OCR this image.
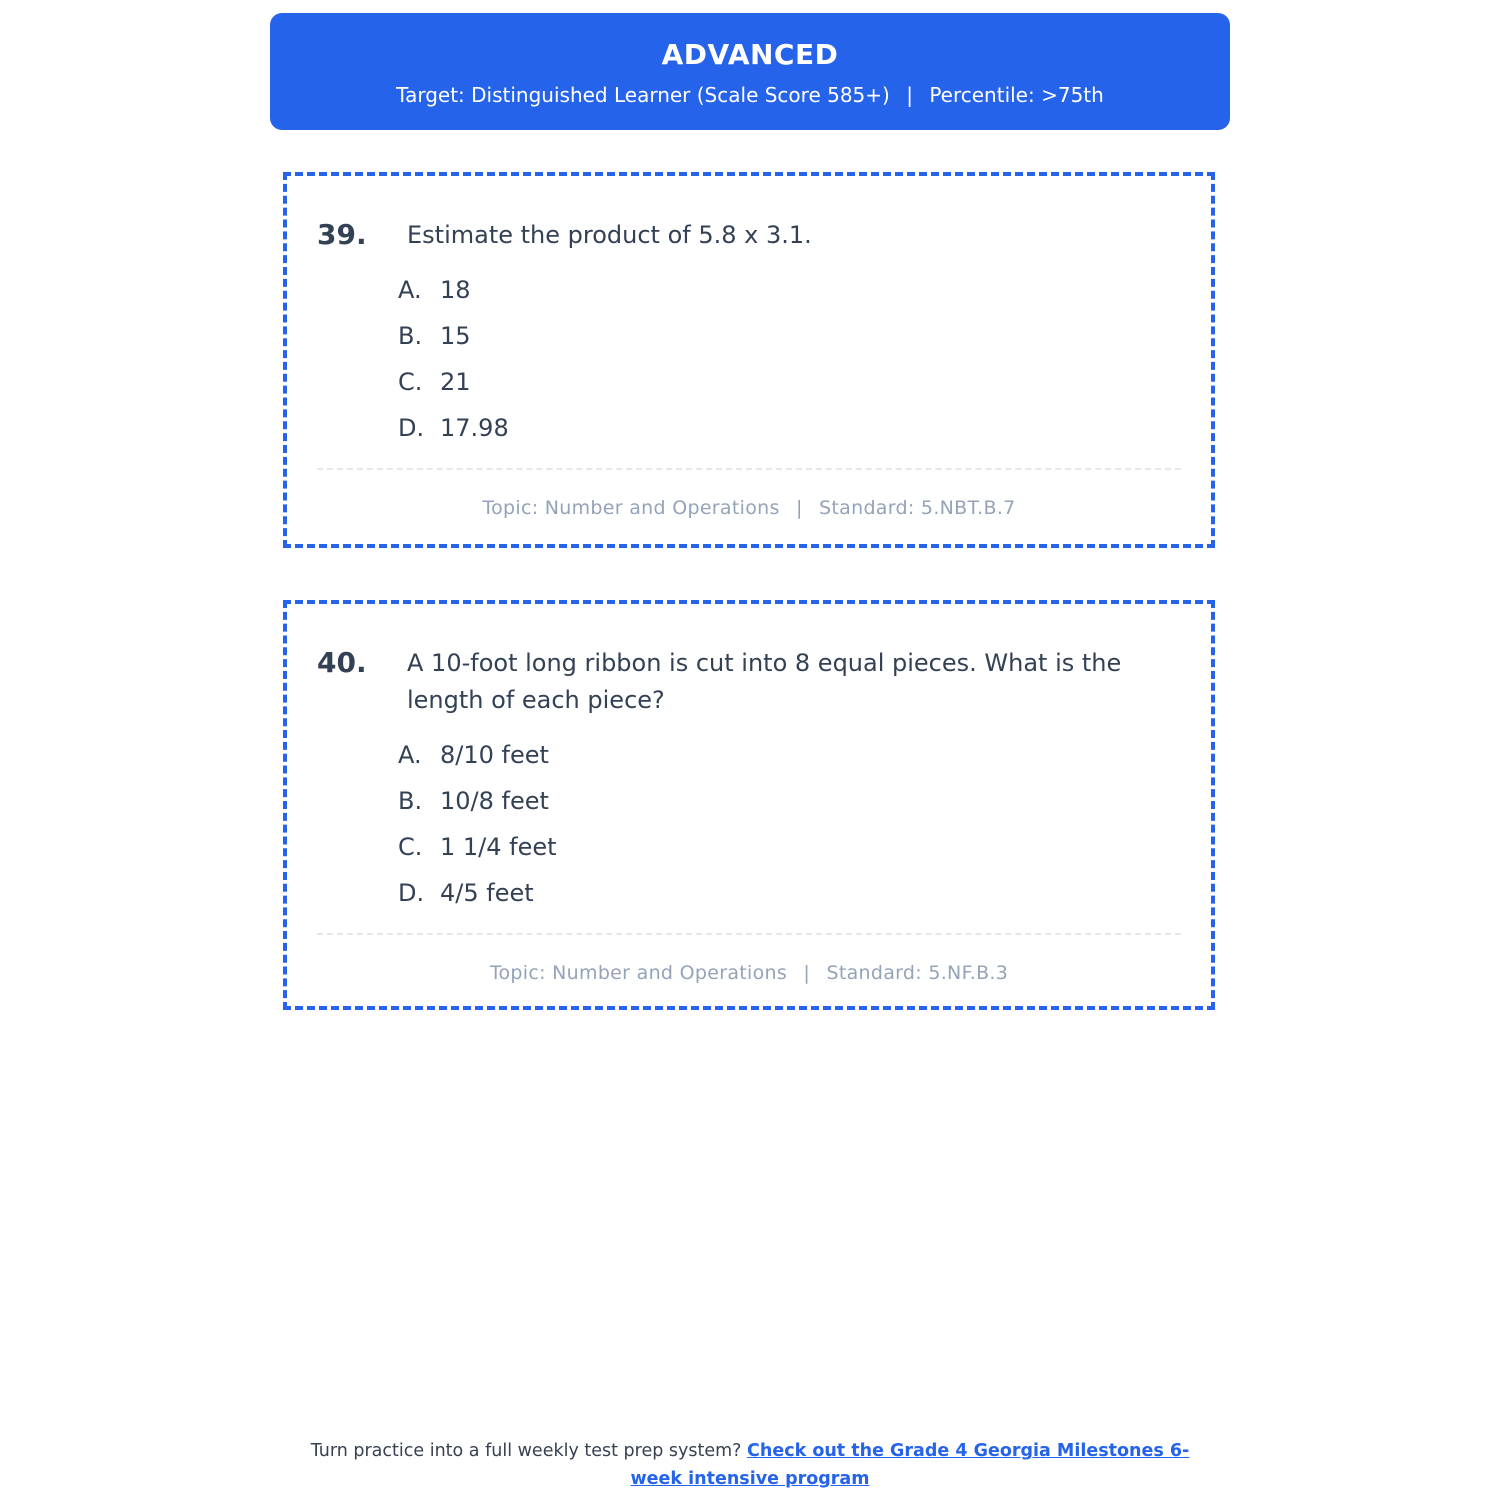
ADVANCED
Target: Distinguished Learner (Scale Score 585+) | Percentile: >75th
39.	Estimate the product of 5.8 x 3.1.
A. 18
B. 15
C. 21
D. 17.98
Topic: Number and Operations | Standard: 5.NBT.B.7
40.	A 10-foot long ribbon is cut into 8 equal pieces. What is the length of each piece?
A. 8/10 feet
B. 10/8 feet
C. 1 1/4 feet
D. 4/5 feet
Topic: Number and Operations | Standard: 5.NF.B.3
Turn practice into a full weekly test prep system? Check out the Grade 4 Georgia Milestones 6-week intensive program
